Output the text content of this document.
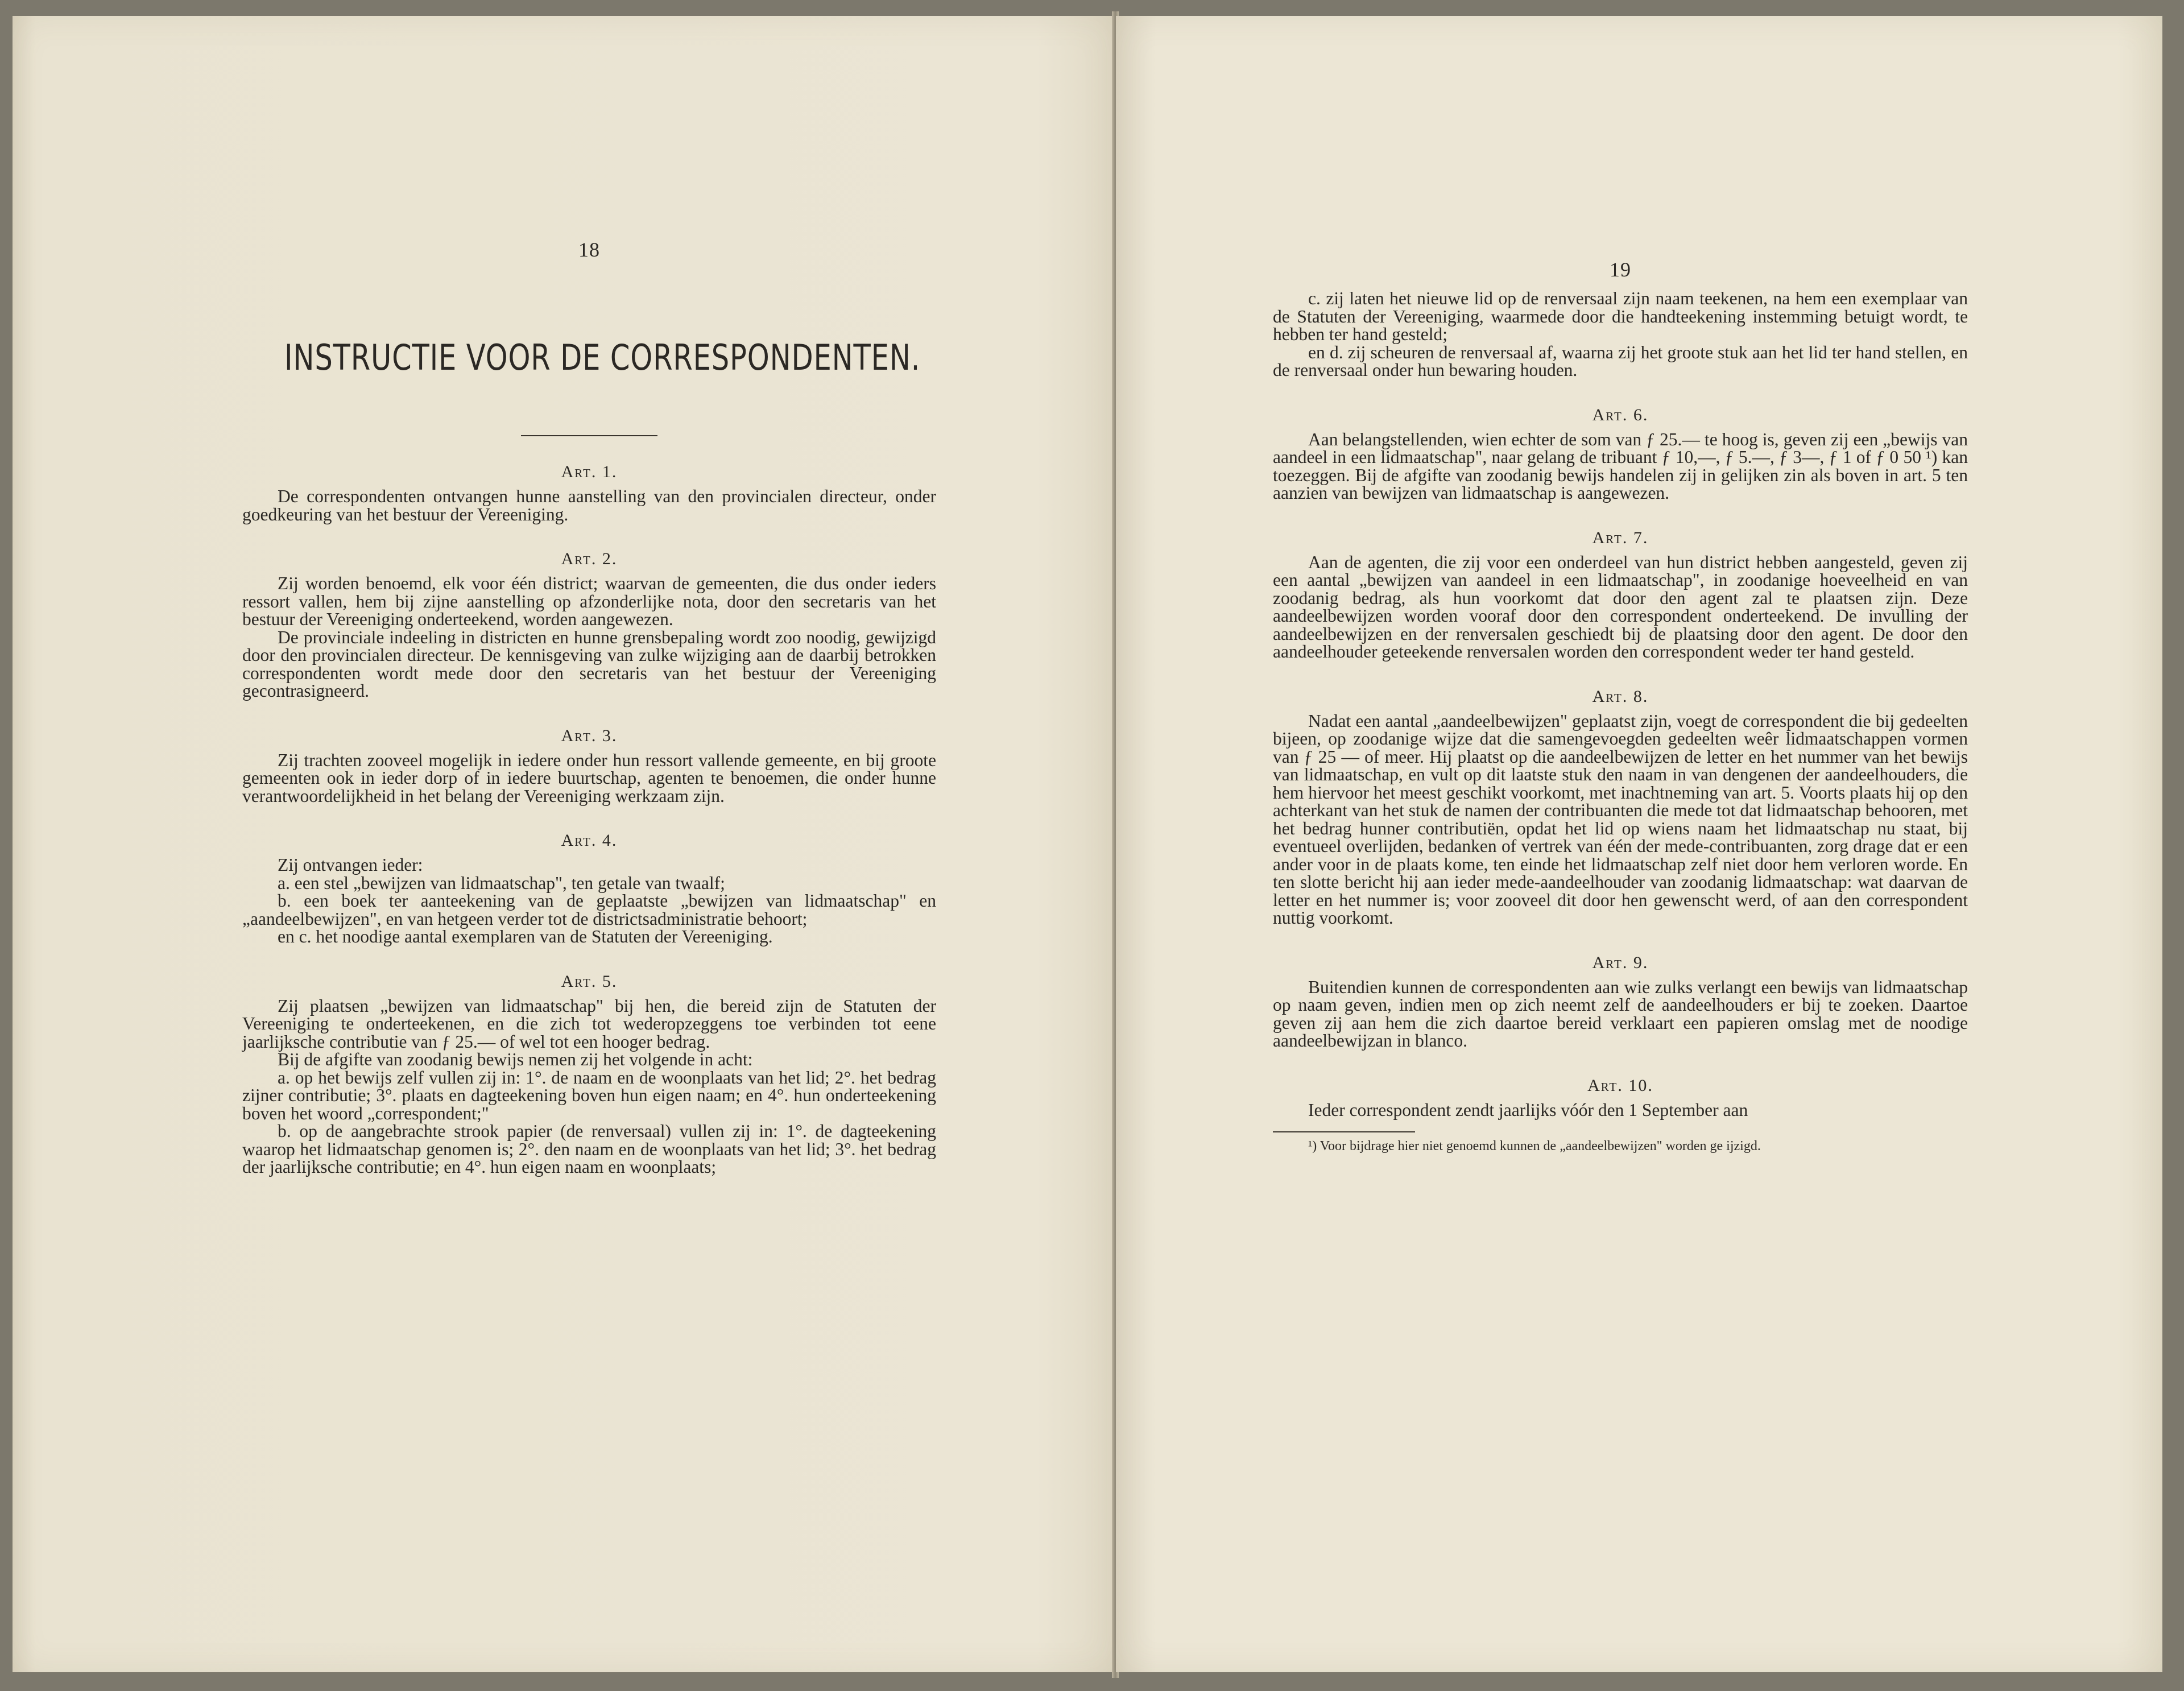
18

INSTRUCTIE VOOR DE CORRESPONDENTEN.
Art. 1.

De correspondenten ontvangen hunne aanstelling van den provincialen directeur, onder goedkeuring van het bestuur der Vereeniging.

Art. 2.

Zij worden benoemd, elk voor één district; waarvan de gemeenten, die dus onder ieders ressort vallen, hem bij zijne aanstelling op afzonderlijke nota, door den secretaris van het bestuur der Vereeniging onderteekend, worden aangewezen.

De provinciale indeeling in districten en hunne grensbepaling wordt zoo noodig, gewijzigd door den provincialen directeur. De kennisgeving van zulke wijziging aan de daarbij betrokken correspondenten wordt mede door den secretaris van het bestuur der Vereeniging gecontrasigneerd.

Art. 3.

Zij trachten zooveel mogelijk in iedere onder hun ressort vallende gemeente, en bij groote gemeenten ook in ieder dorp of in iedere buurtschap, agenten te benoemen, die onder hunne verantwoordelijkheid in het belang der Vereeniging werkzaam zijn.

Art. 4.

Zij ontvangen ieder:

a. een stel „bewijzen van lidmaatschap", ten getale van twaalf;

b. een boek ter aanteekening van de geplaatste „bewijzen van lidmaatschap" en „aandeelbewijzen", en van hetgeen verder tot de districtsadministratie behoort;

en c. het noodige aantal exemplaren van de Statuten der Vereeniging.

Art. 5.

Zij plaatsen „bewijzen van lidmaatschap" bij hen, die bereid zijn de Statuten der Vereeniging te onderteekenen, en die zich tot wederopzeggens toe verbinden tot eene jaarlijksche contributie van ƒ 25.— of wel tot een hooger bedrag.

Bij de afgifte van zoodanig bewijs nemen zij het volgende in acht:

a. op het bewijs zelf vullen zij in: 1°. de naam en de woonplaats van het lid; 2°. het bedrag zijner contributie; 3°. plaats en dagteekening boven hun eigen naam; en 4°. hun onderteekening boven het woord „correspondent;"

b. op de aangebrachte strook papier (de renversaal) vullen zij in: 1°. de dagteekening waarop het lidmaatschap genomen is; 2°. den naam en de woonplaats van het lid; 3°. het bedrag der jaarlijksche contributie; en 4°. hun eigen naam en woonplaats;

19

c. zij laten het nieuwe lid op de renversaal zijn naam teekenen, na hem een exemplaar van de Statuten der Vereeniging, waarmede door die handteekening instemming betuigt wordt, te hebben ter hand gesteld;

en d. zij scheuren de renversaal af, waarna zij het groote stuk aan het lid ter hand stellen, en de renversaal onder hun bewaring houden.

Art. 6.

Aan belangstellenden, wien echter de som van ƒ 25.— te hoog is, geven zij een „bewijs van aandeel in een lidmaatschap", naar gelang de tribuant ƒ 10,—, ƒ 5.—, ƒ 3—, ƒ 1 of ƒ 0 50 ¹) kan toezeggen. Bij de afgifte van zoodanig bewijs handelen zij in gelijken zin als boven in art. 5 ten aanzien van bewijzen van lidmaatschap is aangewezen.

Art. 7.

Aan de agenten, die zij voor een onderdeel van hun district hebben aangesteld, geven zij een aantal „bewijzen van aandeel in een lidmaatschap", in zoodanige hoeveelheid en van zoodanig bedrag, als hun voorkomt dat door den agent zal te plaatsen zijn. Deze aandeelbewijzen worden vooraf door den correspondent onderteekend. De invulling der aandeelbewijzen en der renversalen geschiedt bij de plaatsing door den agent. De door den aandeelhouder geteekende renversalen worden den correspondent weder ter hand gesteld.

Art. 8.

Nadat een aantal „aandeelbewijzen" geplaatst zijn, voegt de correspondent die bij gedeelten bijeen, op zoodanige wijze dat die samengevoegden gedeelten weêr lidmaatschappen vormen van ƒ 25 — of meer. Hij plaatst op die aandeelbewijzen de letter en het nummer van het bewijs van lidmaatschap, en vult op dit laatste stuk den naam in van dengenen der aandeelhouders, die hem hiervoor het meest geschikt voorkomt, met inachtneming van art. 5. Voorts plaats hij op den achterkant van het stuk de namen der contribuanten die mede tot dat lidmaatschap behooren, met het bedrag hunner contributiën, opdat het lid op wiens naam het lidmaatschap nu staat, bij eventueel overlijden, bedanken of vertrek van één der mede-contribuanten, zorg drage dat er een ander voor in de plaats kome, ten einde het lidmaatschap zelf niet door hem verloren worde. En ten slotte bericht hij aan ieder mede-aandeelhouder van zoodanig lidmaatschap: wat daarvan de letter en het nummer is; voor zooveel dit door hen gewenscht werd, of aan den correspondent nuttig voorkomt.

Art. 9.

Buitendien kunnen de correspondenten aan wie zulks verlangt een bewijs van lidmaatschap op naam geven, indien men op zich neemt zelf de aandeelhouders er bij te zoeken. Daartoe geven zij aan hem die zich daartoe bereid verklaart een papieren omslag met de noodige aandeelbewijzan in blanco.

Art. 10.

Ieder correspondent zendt jaarlijks vóór den 1 September aan

¹) Voor bijdrage hier niet genoemd kunnen de „aandeelbewijzen" worden ge ijzigd.
